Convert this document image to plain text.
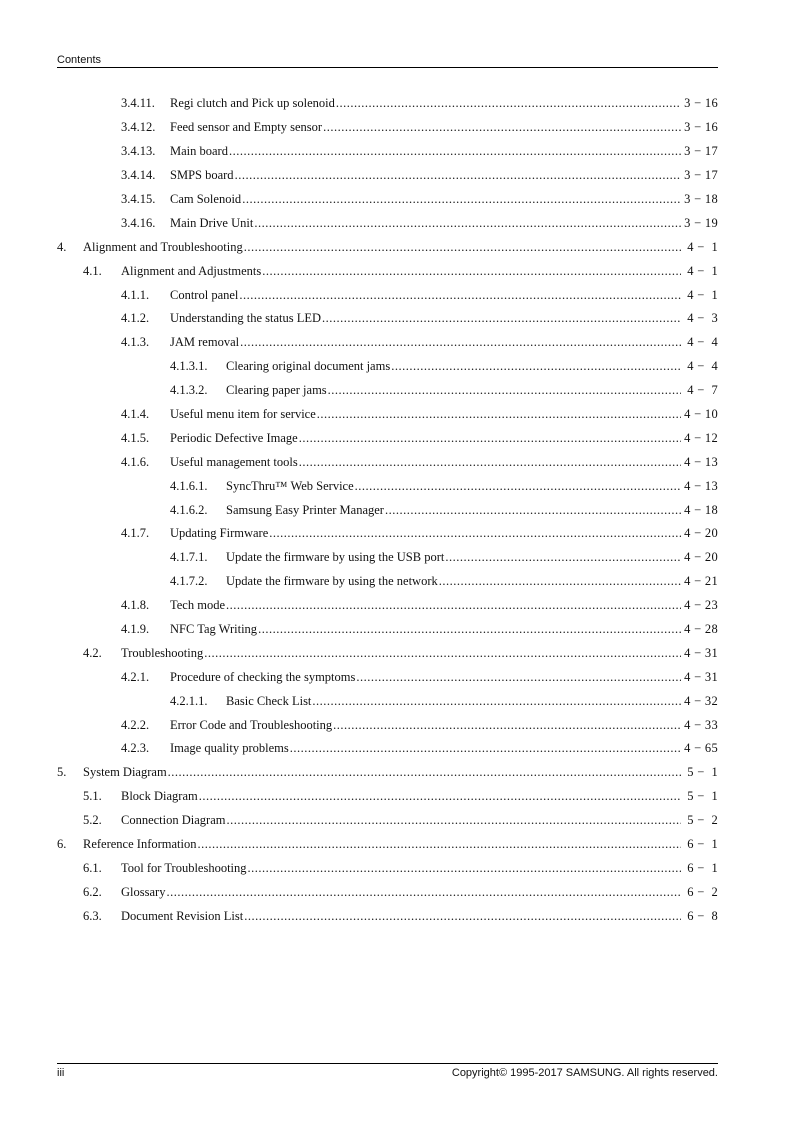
Contents
3.4.11.	Regi clutch and Pick up solenoid .....	3 − 16
3.4.12.	Feed sensor and Empty sensor .....	3 − 16
3.4.13.	Main board .....	3 − 17
3.4.14.	SMPS board .....	3 − 17
3.4.15.	Cam Solenoid .....	3 − 18
3.4.16.	Main Drive Unit .....	3 − 19
4.	Alignment and Troubleshooting .....	4 −  1
4.1.	Alignment and Adjustments .....	4 −  1
4.1.1.	Control panel .....	4 −  1
4.1.2.	Understanding the status LED .....	4 −  3
4.1.3.	JAM removal .....	4 −  4
4.1.3.1.	Clearing original document jams .....	4 −  4
4.1.3.2.	Clearing paper jams .....	4 −  7
4.1.4.	Useful menu item for service .....	4 − 10
4.1.5.	Periodic Defective Image .....	4 − 12
4.1.6.	Useful management tools .....	4 − 13
4.1.6.1.	SyncThru™ Web Service .....	4 − 13
4.1.6.2.	Samsung Easy Printer Manager .....	4 − 18
4.1.7.	Updating Firmware .....	4 − 20
4.1.7.1.	Update the firmware by using the USB port .....	4 − 20
4.1.7.2.	Update the firmware by using the network .....	4 − 21
4.1.8.	Tech mode .....	4 − 23
4.1.9.	NFC Tag Writing .....	4 − 28
4.2.	Troubleshooting .....	4 − 31
4.2.1.	Procedure of checking the symptoms .....	4 − 31
4.2.1.1.	Basic Check List .....	4 − 32
4.2.2.	Error Code and Troubleshooting .....	4 − 33
4.2.3.	Image quality problems .....	4 − 65
5.	System Diagram .....	5 −  1
5.1.	Block Diagram .....	5 −  1
5.2.	Connection Diagram .....	5 −  2
6.	Reference Information .....	6 −  1
6.1.	Tool for Troubleshooting .....	6 −  1
6.2.	Glossary .....	6 −  2
6.3.	Document Revision List .....	6 −  8
iii	Copyright© 1995-2017 SAMSUNG. All rights reserved.
